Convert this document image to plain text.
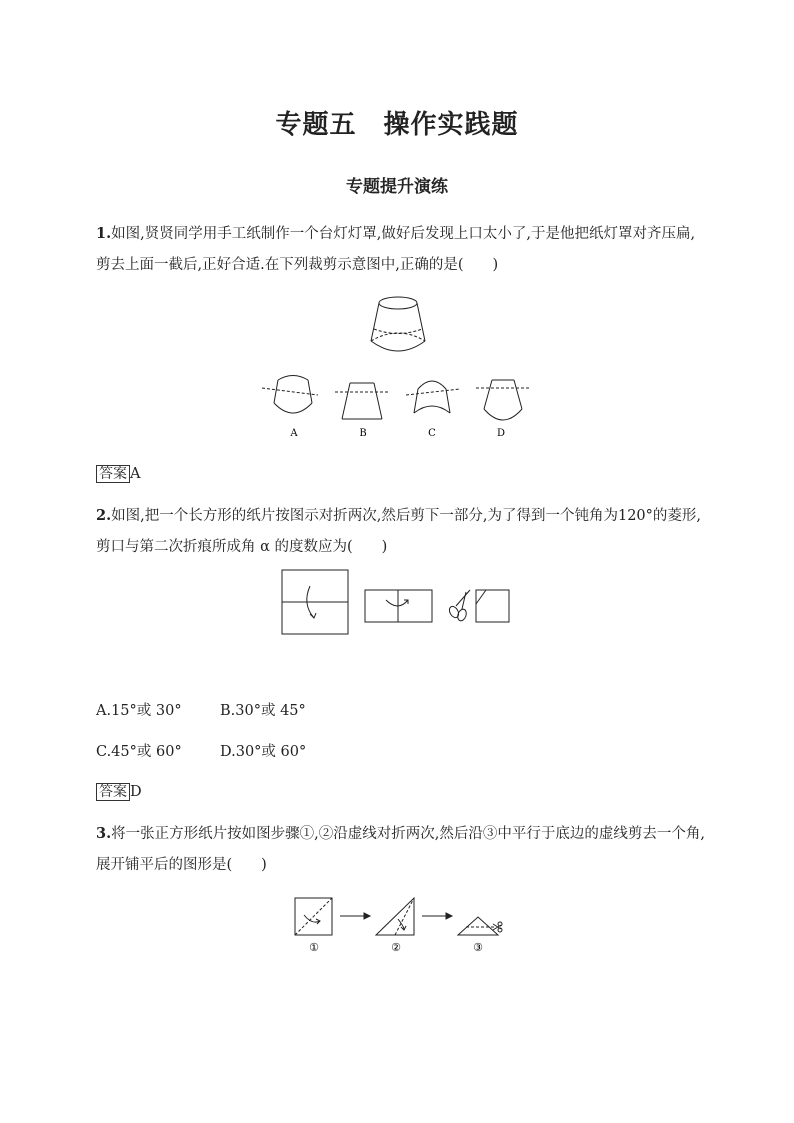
专题五　操作实践题
专题提升演练
1.如图,贤贤同学用手工纸制作一个台灯灯罩,做好后发现上口太小了,于是他把纸灯罩对齐压扁,剪去上面一截后,正好合适.在下列裁剪示意图中,正确的是(　　)
A	B	C	D
答案 A
2.如图,把一个长方形的纸片按图示对折两次,然后剪下一部分,为了得到一个钝角为120°的菱形,剪口与第二次折痕所成角 α 的度数应为(　　)
A.15°或 30°	B.30°或 45°
C.45°或 60°	D.30°或 60°
答案 D
3.将一张正方形纸片按如图步骤①,②沿虚线对折两次,然后沿③中平行于底边的虚线剪去一个角,展开铺平后的图形是(　　)
①	②	③
